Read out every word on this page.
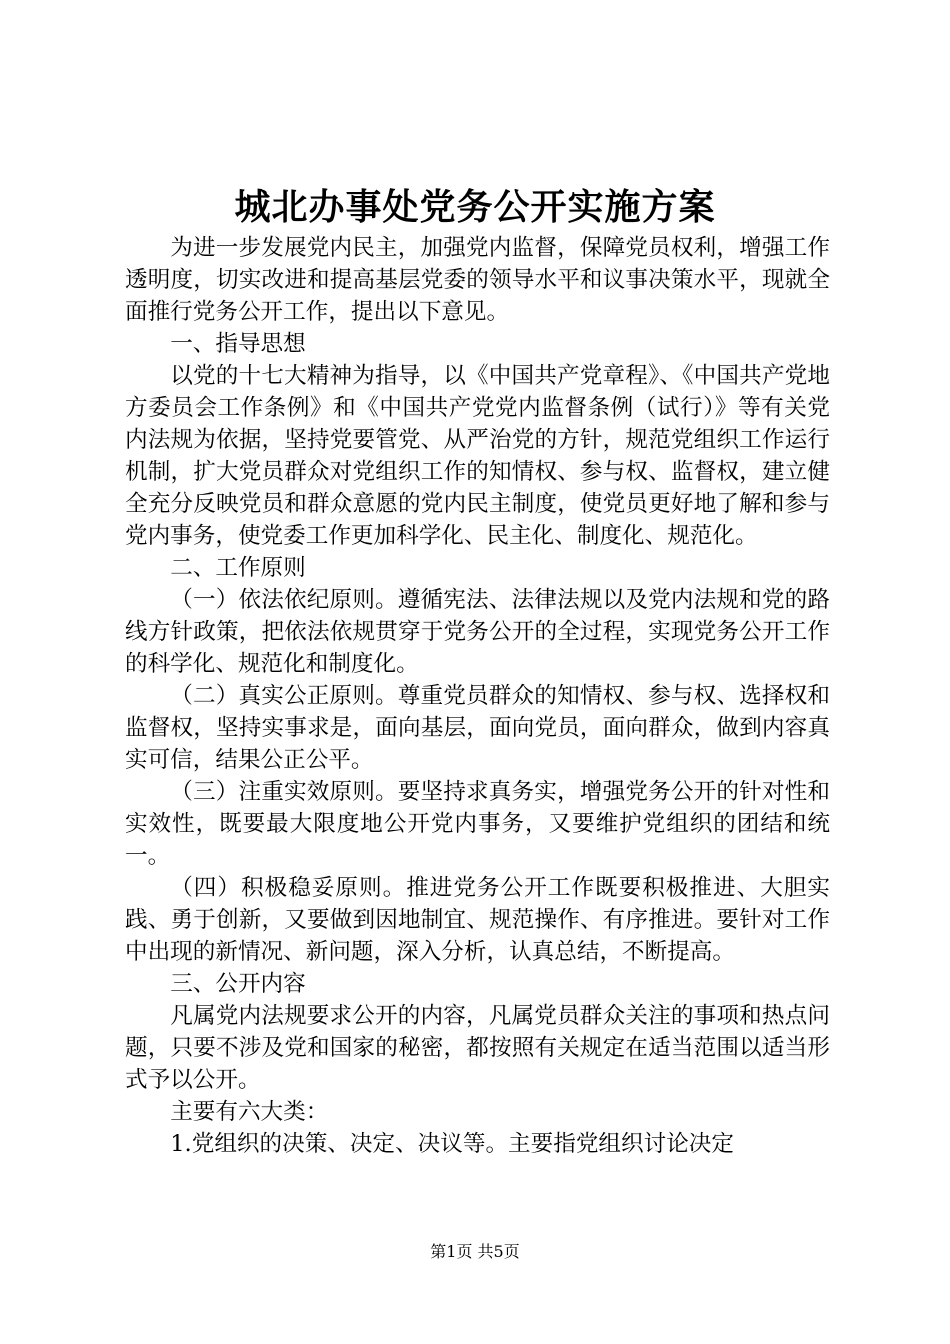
城北办事处党务公开实施方案

为进一步发展党内民主，加强党内监督，保障党员权利，增强工作透明度，切实改进和提高基层党委的领导水平和议事决策水平，现就全面推行党务公开工作，提出以下意见。

一、指导思想

以党的十七大精神为指导，以《中国共产党章程》、《中国共产党地方委员会工作条例》和《中国共产党党内监督条例（试行）》等有关党内法规为依据，坚持党要管党、从严治党的方针，规范党组织工作运行机制，扩大党员群众对党组织工作的知情权、参与权、监督权，建立健全充分反映党员和群众意愿的党内民主制度，使党员更好地了解和参与党内事务，使党委工作更加科学化、民主化、制度化、规范化。

二、工作原则

（一）依法依纪原则。遵循宪法、法律法规以及党内法规和党的路线方针政策，把依法依规贯穿于党务公开的全过程，实现党务公开工作的科学化、规范化和制度化。

（二）真实公正原则。尊重党员群众的知情权、参与权、选择权和监督权，坚持实事求是，面向基层，面向党员，面向群众，做到内容真实可信，结果公正公平。

（三）注重实效原则。要坚持求真务实，增强党务公开的针对性和实效性，既要最大限度地公开党内事务，又要维护党组织的团结和统一。

（四）积极稳妥原则。推进党务公开工作既要积极推进、大胆实践、勇于创新，又要做到因地制宜、规范操作、有序推进。要针对工作中出现的新情况、新问题，深入分析，认真总结，不断提高。

三、公开内容

凡属党内法规要求公开的内容，凡属党员群众关注的事项和热点问题，只要不涉及党和国家的秘密，都按照有关规定在适当范围以适当形式予以公开。

主要有六大类：

1.党组织的决策、决定、决议等。主要指党组织讨论决定

第1页 共5页
